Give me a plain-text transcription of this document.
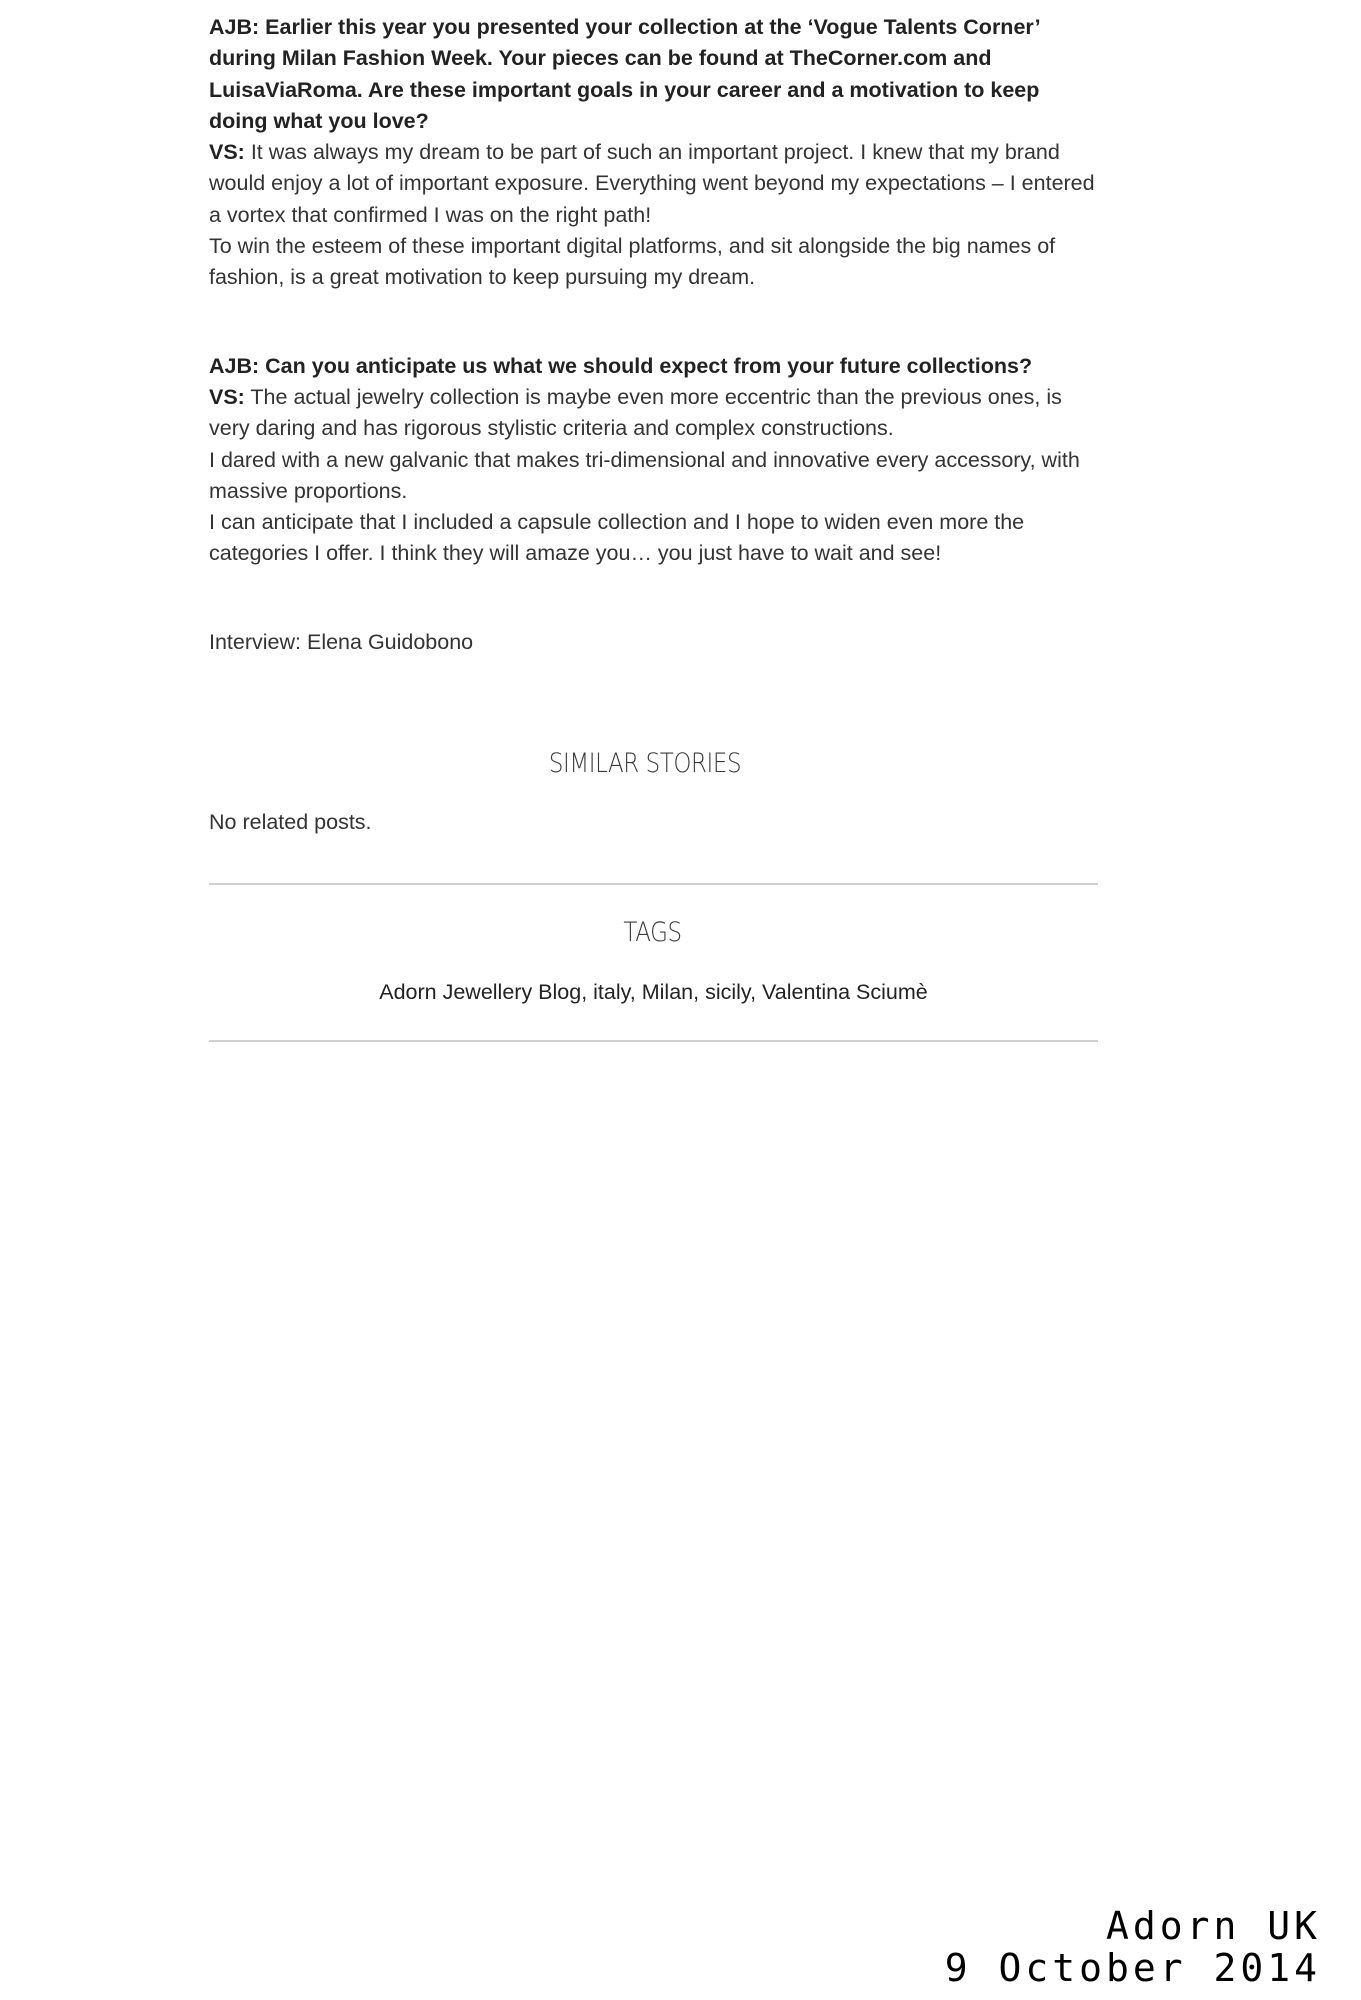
AJB: Earlier this year you presented your collection at the ‘Vogue Talents Corner’ during Milan Fashion Week. Your pieces can be found at TheCorner.com and LuisaViaRoma. Are these important goals in your career and a motivation to keep doing what you love?

VS: It was always my dream to be part of such an important project. I knew that my brand would enjoy a lot of important exposure. Everything went beyond my expectations – I entered a vortex that confirmed I was on the right path!

To win the esteem of these important digital platforms, and sit alongside the big names of fashion, is a great motivation to keep pursuing my dream.

AJB: Can you anticipate us what we should expect from your future collections?

VS: The actual jewelry collection is maybe even more eccentric than the previous ones, is very daring and has rigorous stylistic criteria and complex constructions.

I dared with a new galvanic that makes tri-dimensional and innovative every accessory, with massive proportions.

I can anticipate that I included a capsule collection and I hope to widen even more the categories I offer. I think they will amaze you… you just have to wait and see!

Interview: Elena Guidobono

SIMILAR STORIES
No related posts.
TAGS
Adorn Jewellery Blog, italy, Milan, sicily, Valentina Sciumè
Adorn UK
9 October 2014
